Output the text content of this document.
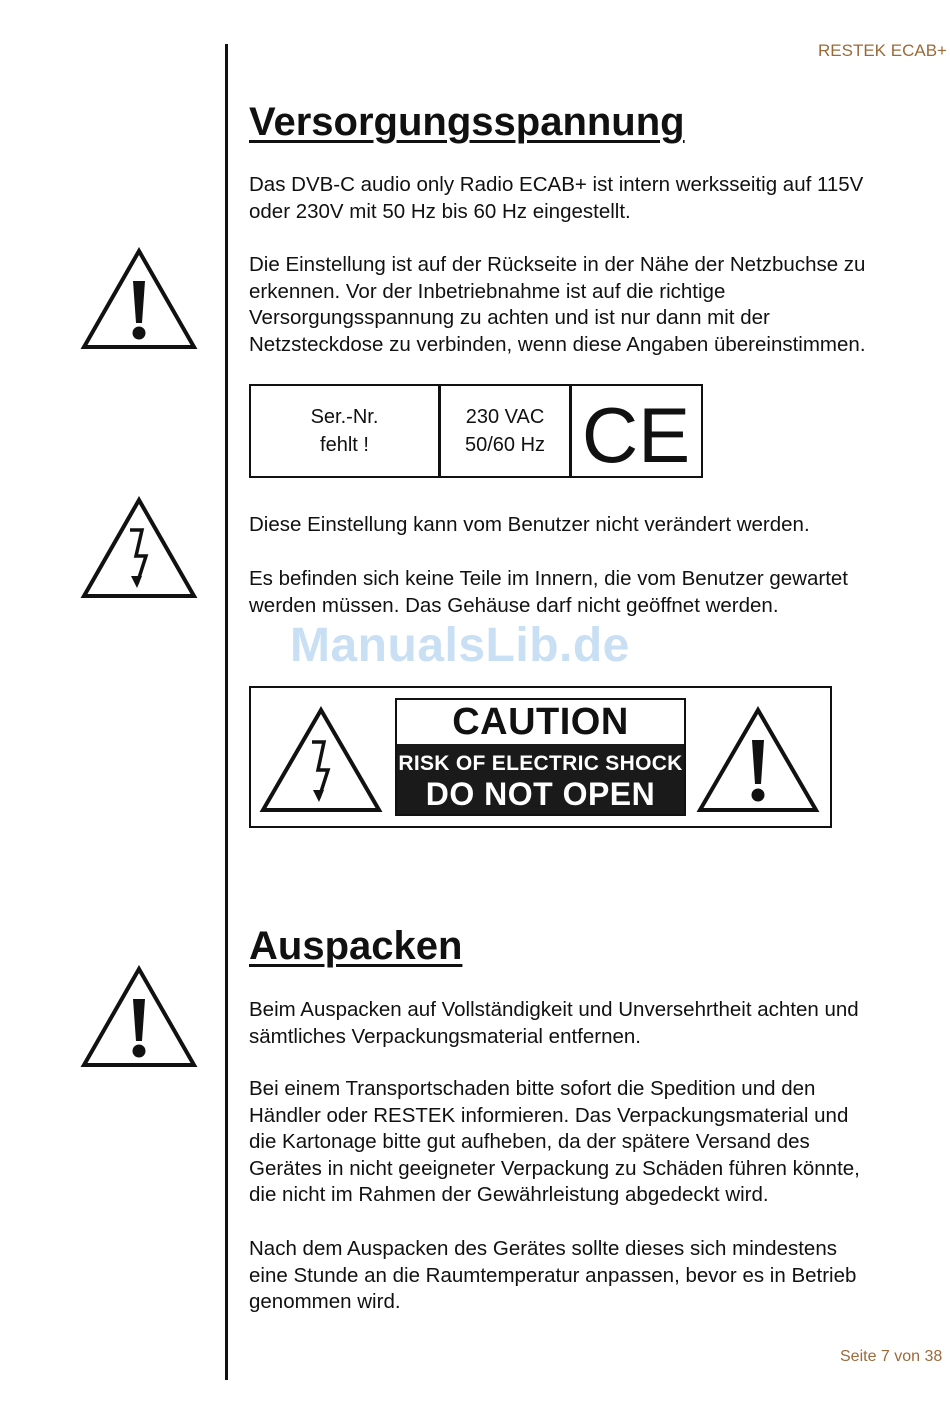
RESTEK ECAB+
Versorgungsspannung

Das DVB-C audio only Radio ECAB+ ist intern werksseitig auf 115V
oder 230V mit 50 Hz bis 60 Hz eingestellt.

Die Einstellung ist auf der Rückseite in der Nähe der Netzbuchse zu
erkennen. Vor der Inbetriebnahme ist auf die richtige
Versorgungsspannung zu achten und ist nur dann mit der
Netzsteckdose zu verbinden, wenn diese Angaben übereinstimmen.

Ser.-Nr.
fehlt !
230 VAC
50/60 Hz CE

Diese Einstellung kann vom Benutzer nicht verändert werden.

Es befinden sich keine Teile im Innern, die vom Benutzer gewartet
werden müssen. Das Gehäuse darf nicht geöffnet werden.

ManualsLib.de
CAUTION
RISK OF ELECTRIC SHOCK
DO NOT OPEN
Auspacken

Beim Auspacken auf Vollständigkeit und Unversehrtheit achten und
sämtliches Verpackungsmaterial entfernen.

Bei einem Transportschaden bitte sofort die Spedition und den
Händler oder RESTEK informieren. Das Verpackungsmaterial und
die Kartonage bitte gut aufheben, da der spätere Versand des
Gerätes in nicht geeigneter Verpackung zu Schäden führen könnte,
die nicht im Rahmen der Gewährleistung abgedeckt wird.

Nach dem Auspacken des Gerätes sollte dieses sich mindestens
eine Stunde an die Raumtemperatur anpassen, bevor es in Betrieb
genommen wird.

Seite 7 von 38
